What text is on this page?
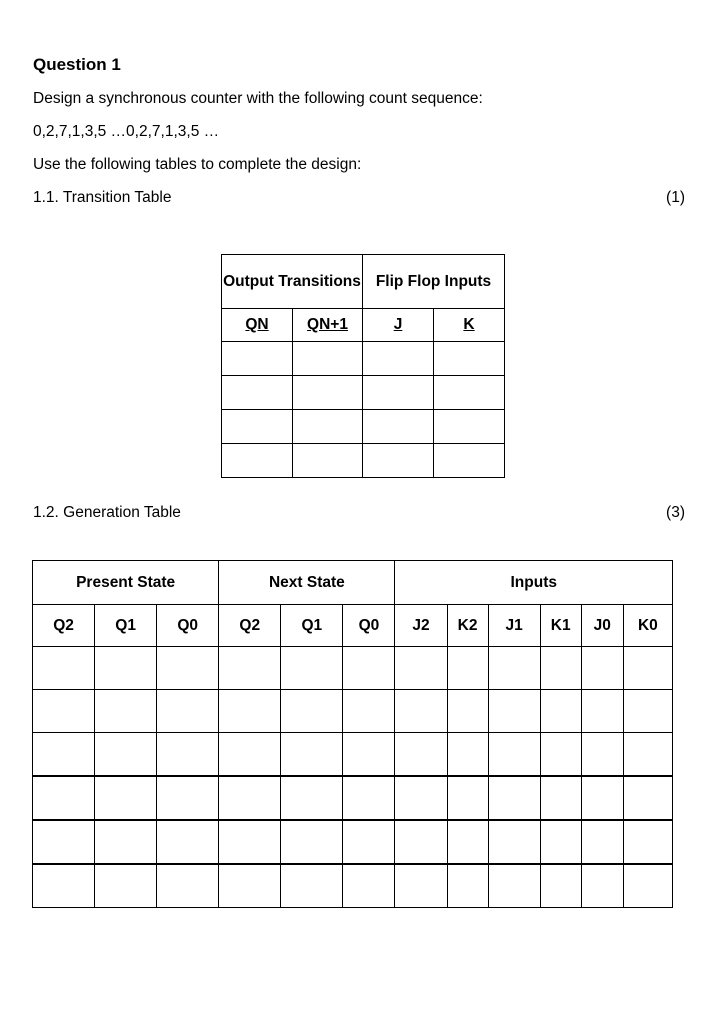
Question 1
Design a synchronous counter with the following count sequence:
0,2,7,1,3,5 …0,2,7,1,3,5 …
Use the following tables to complete the design:
1.1. Transition Table	(1)
Output Transitions		Flip Flop Inputs	
QN	QN+1	J	K

1.2. Generation Table	(3)
Present State			Next State			Inputs					
Q2	Q1	Q0	Q2	Q1	Q0	J2	K2	J1	K1	J0	K0
